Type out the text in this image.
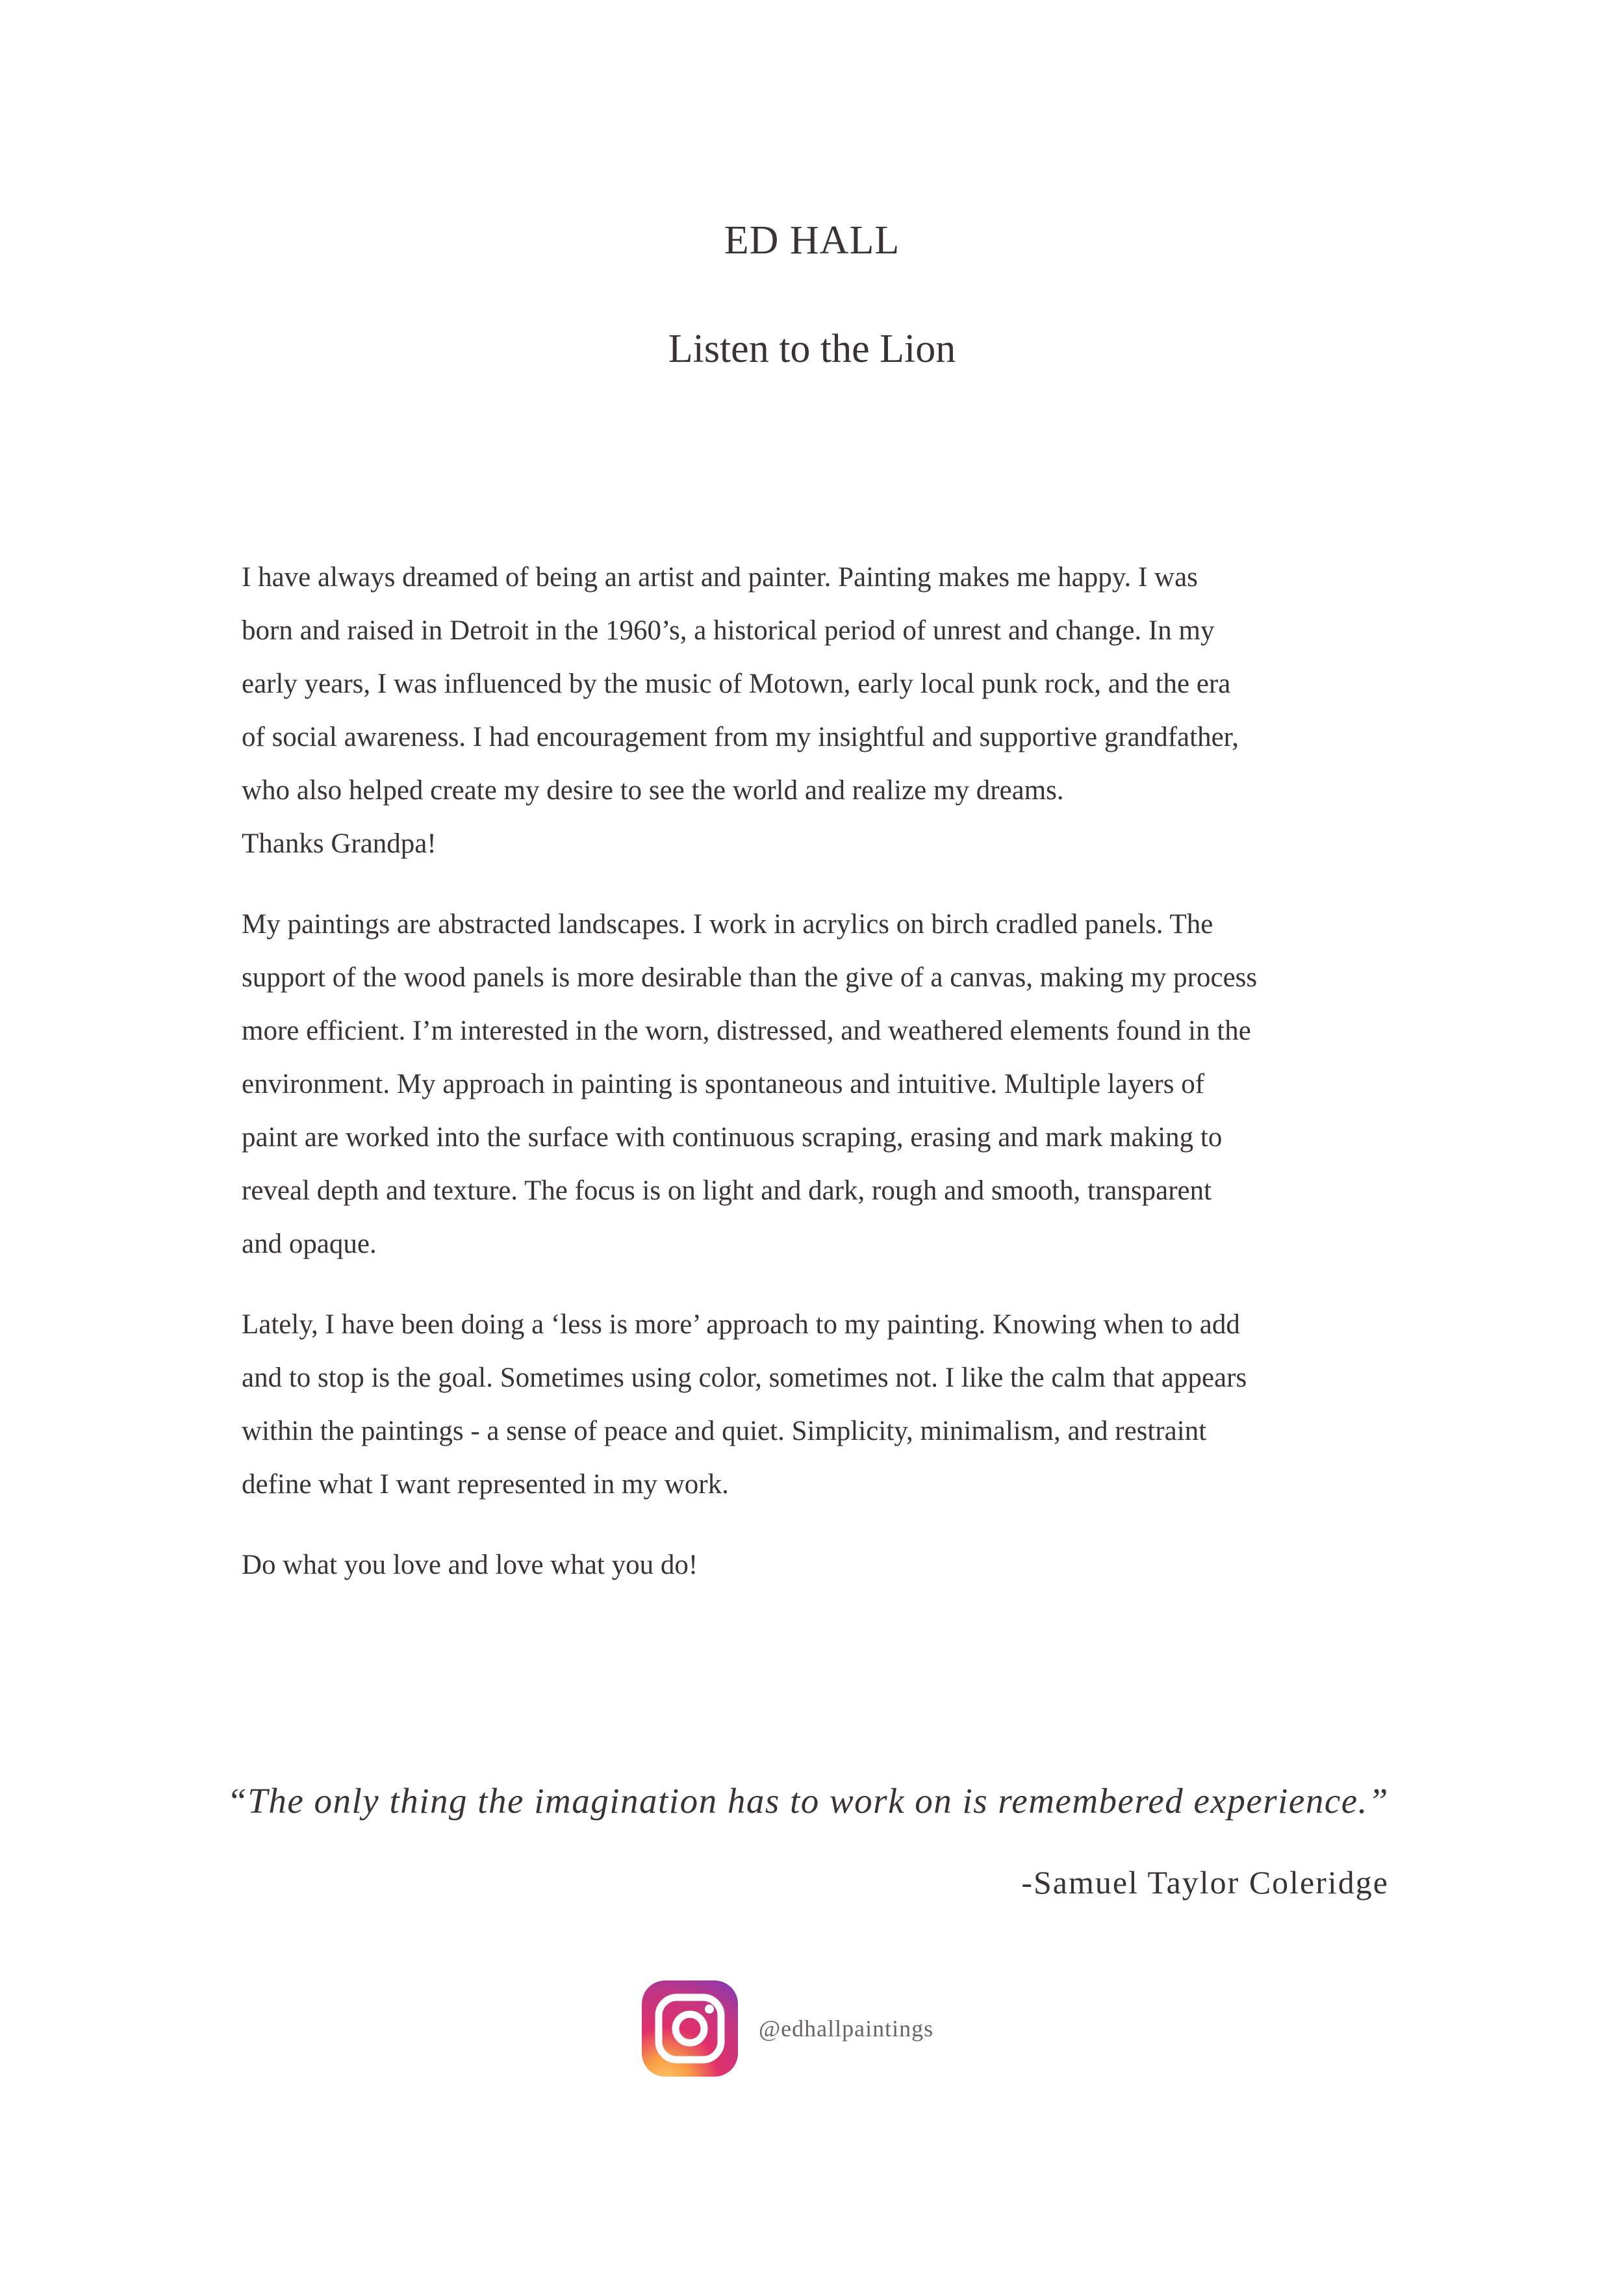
ED HALL
Listen to the Lion

I have always dreamed of being an artist and painter. Painting makes me happy. I was
born and raised in Detroit in the 1960’s, a historical period of unrest and change. In my
early years, I was influenced by the music of Motown, early local punk rock, and the era
of social awareness. I had encouragement from my insightful and supportive grandfather,
who also helped create my desire to see the world and realize my dreams.
Thanks Grandpa!

My paintings are abstracted landscapes. I work in acrylics on birch cradled panels. The
support of the wood panels is more desirable than the give of a canvas, making my process
more efficient. I’m interested in the worn, distressed, and weathered elements found in the
environment. My approach in painting is spontaneous and intuitive. Multiple layers of
paint are worked into the surface with continuous scraping, erasing and mark making to
reveal depth and texture. The focus is on light and dark, rough and smooth, transparent
and opaque.

Lately, I have been doing a ‘less is more’ approach to my painting. Knowing when to add
and to stop is the goal. Sometimes using color, sometimes not. I like the calm that appears
within the paintings - a sense of peace and quiet. Simplicity, minimalism, and restraint
define what I want represented in my work.

Do what you love and love what you do!

“The only thing the imagination has to work on is remembered experience.”
-Samuel Taylor Coleridge
@edhallpaintings
